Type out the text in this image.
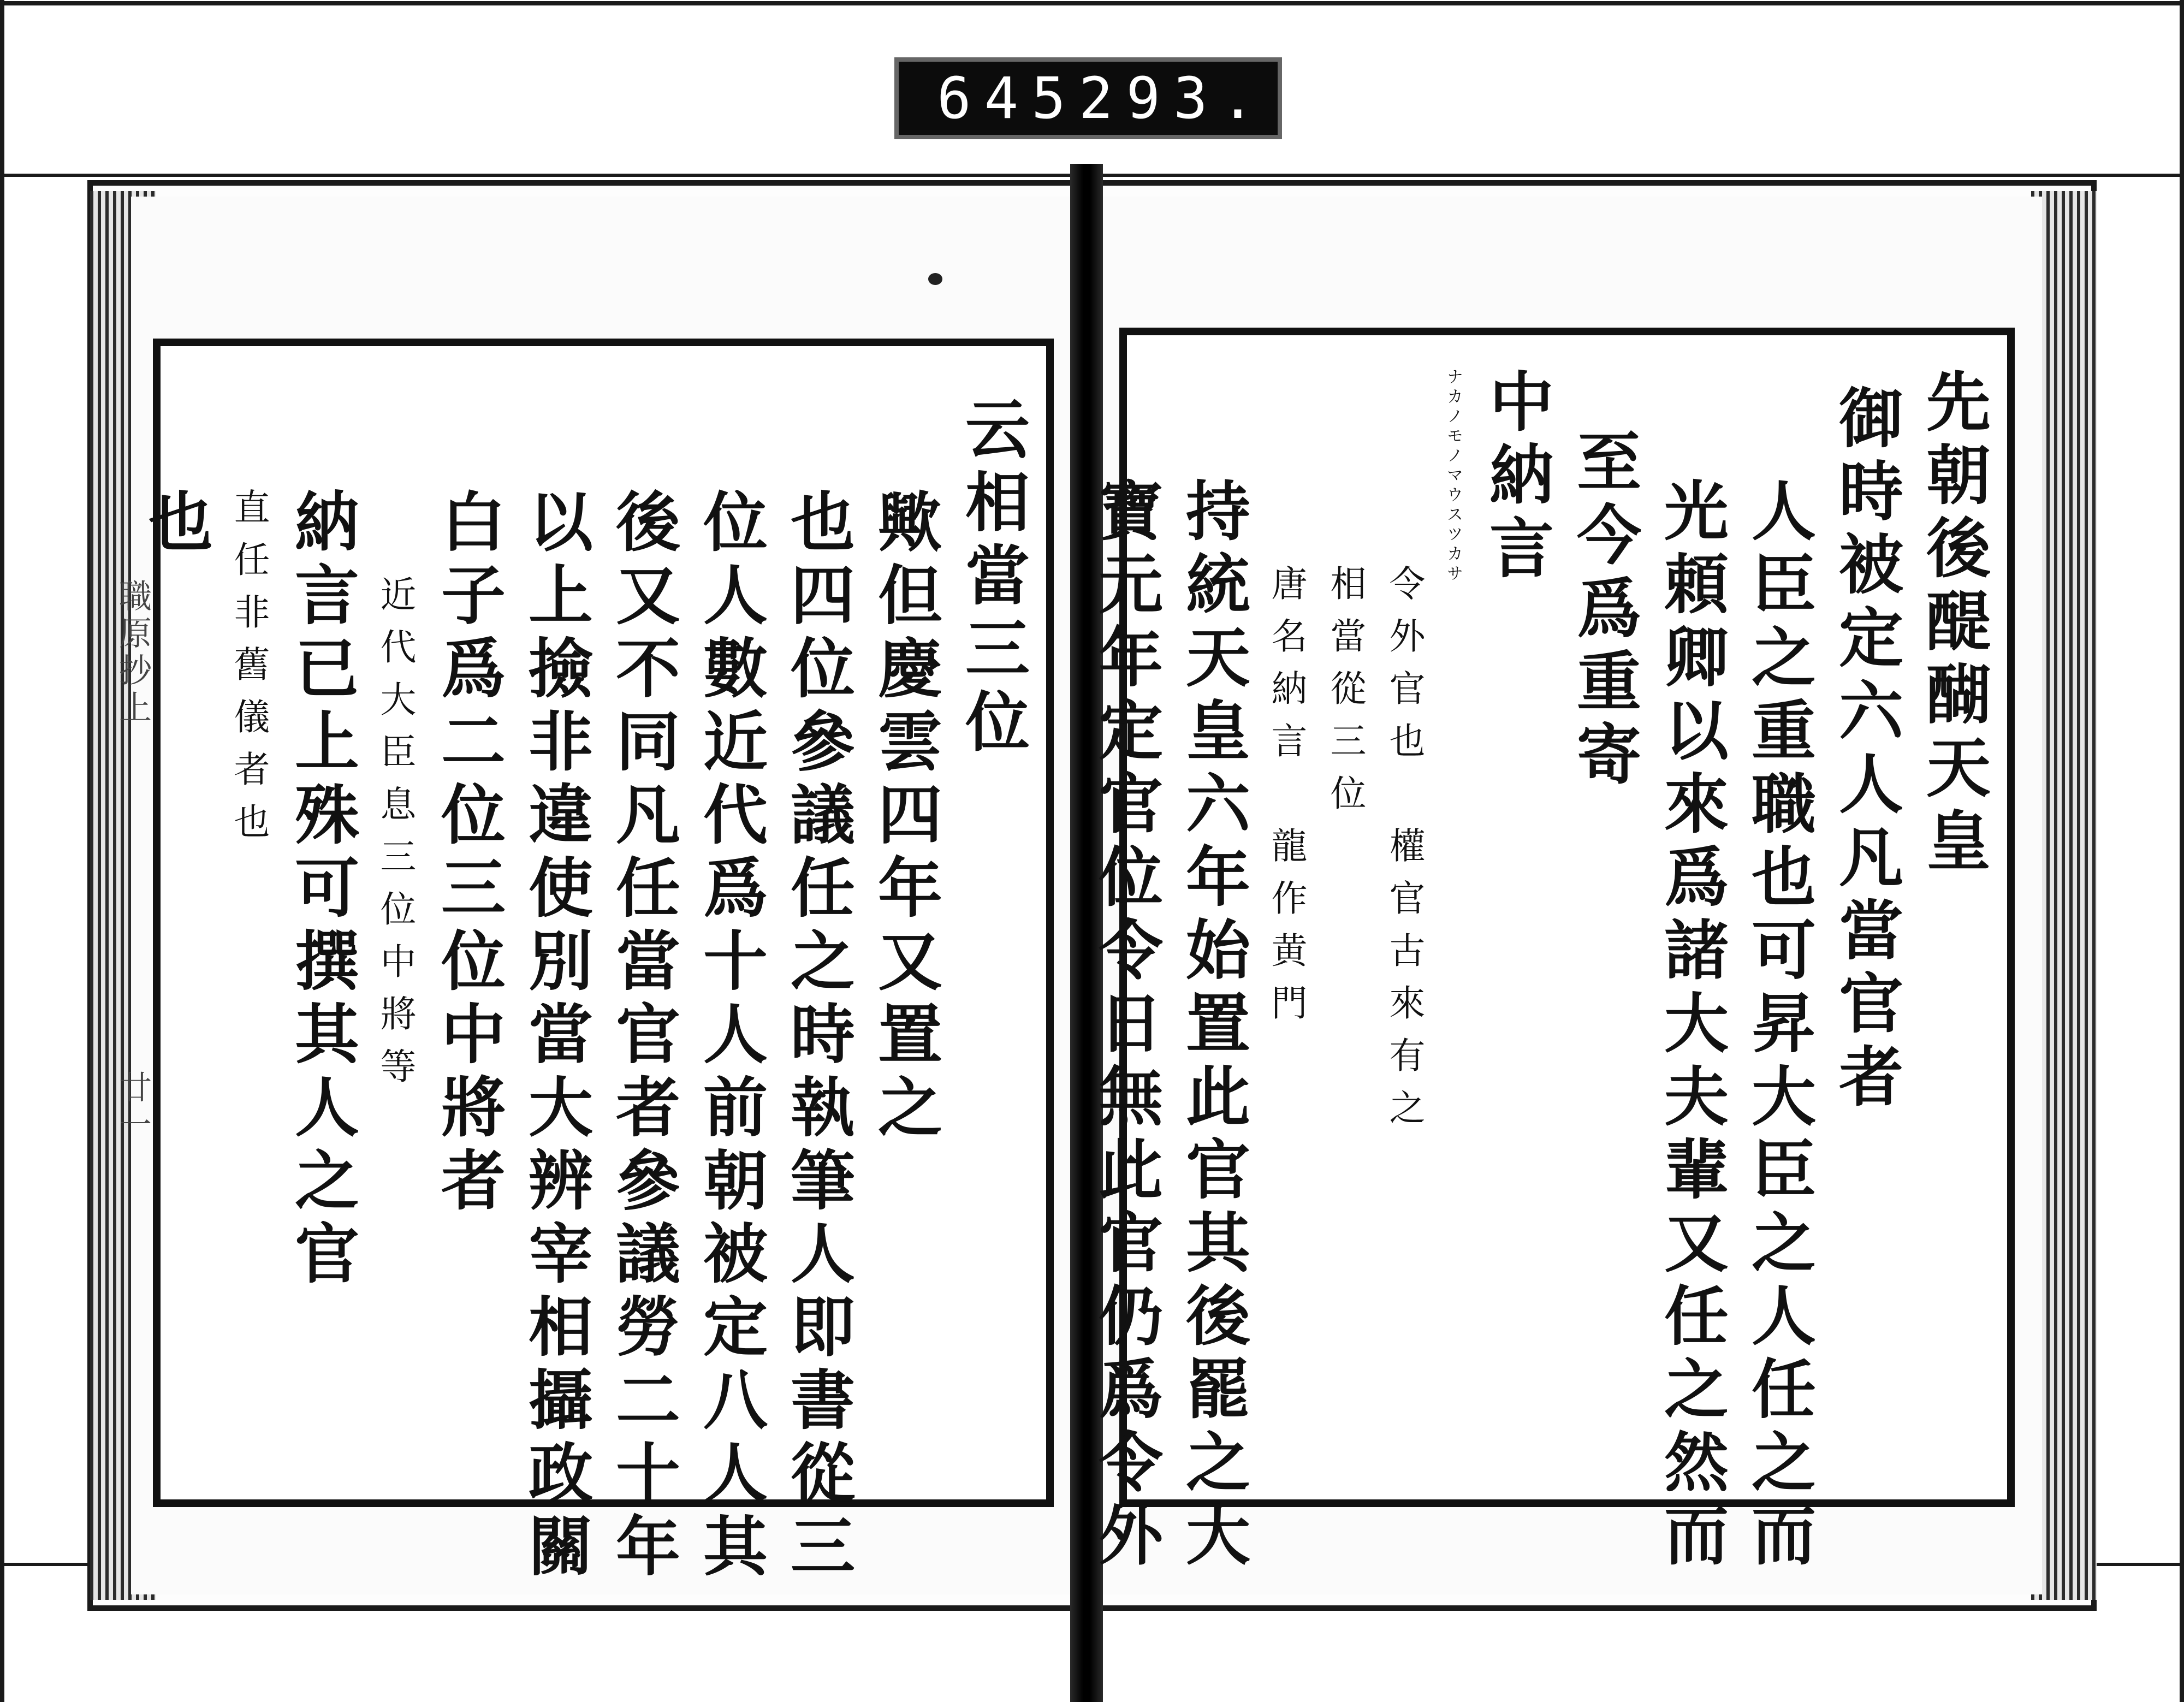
645 293.
職原抄上
廿一
云相當三位
歟但慶雲四年又置之
也四位參議任之時執筆人即書從三
位人數近代爲十人前朝被定八人其
後又不同凡任當官者參議勞二十年
以上撿非違使別當大辨宰相攝政關
白子爲二位三位中將者
近代大臣息三位中將等
納言已上殊可撰其人之官
直任非舊儀者也
也	先朝後醍醐天皇
御時被定六人凡當官者
人臣之重職也可昇大臣之人任之而
光頼卿以來爲諸大夫輩又任之然而
至今爲重寄
中納言
ナカノモノマウスツカサ
令外官也　權官古來有之
相當從三位
唐名納言　龍作黄門
持統天皇六年始置此官其後罷之大
寶元年定官位令日無此官仍爲令外
